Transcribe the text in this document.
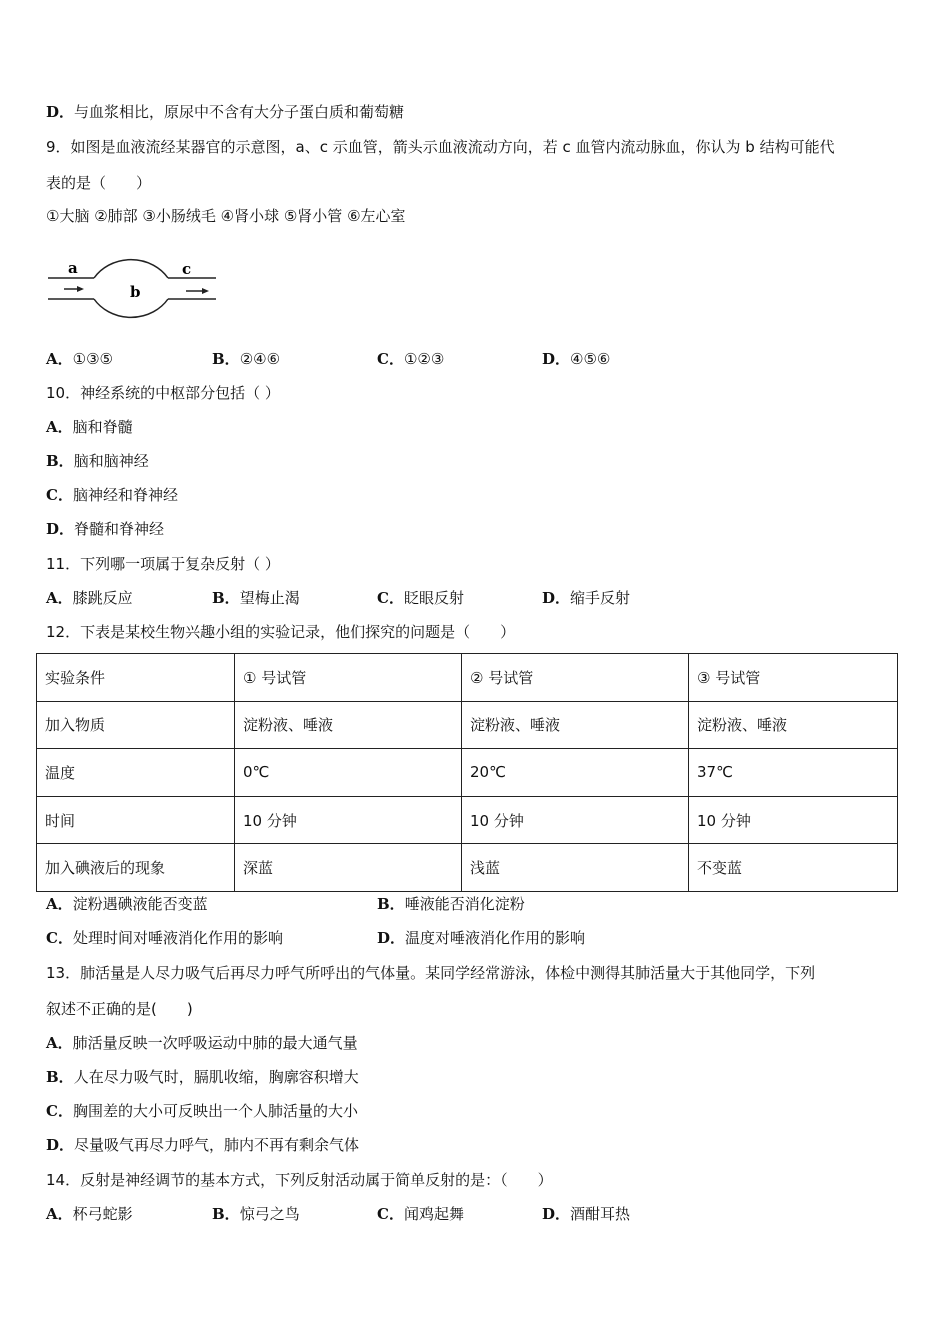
D．与血浆相比，原尿中不含有大分子蛋白质和葡萄糖
9．如图是血液流经某器官的示意图，a、c 示血管，箭头示血液流动方向，若 c 血管内流动脉血，你认为 b 结构可能代
表的是（　　）
①大脑 ②肺部 ③小肠绒毛 ④肾小球 ⑤肾小管 ⑥左心室
a
b
c
A．①③⑤	B．②④⑥	C．①②③	D．④⑤⑥
10．神经系统的中枢部分包括（ ）
A．脑和脊髓
B．脑和脑神经
C．脑神经和脊神经
D．脊髓和脊神经
11．下列哪一项属于复杂反射（ ）
A．膝跳反应	B．望梅止渴	C．眨眼反射	D．缩手反射
12．下表是某校生物兴趣小组的实验记录，他们探究的问题是（　　）
实验条件	① 号试管	② 号试管	③ 号试管
加入物质	淀粉液、唾液	淀粉液、唾液	淀粉液、唾液
温度	0℃	20℃	37℃
时间	10 分钟	10 分钟	10 分钟
加入碘液后的现象	深蓝	浅蓝	不变蓝
A．淀粉遇碘液能否变蓝	B．唾液能否消化淀粉
C．处理时间对唾液消化作用的影响	D．温度对唾液消化作用的影响
13．肺活量是人尽力吸气后再尽力呼气所呼出的气体量。某同学经常游泳，体检中测得其肺活量大于其他同学，下列
叙述不正确的是(　　)
A．肺活量反映一次呼吸运动中肺的最大通气量
B．人在尽力吸气时，膈肌收缩，胸廓容积增大
C．胸围差的大小可反映出一个人肺活量的大小
D．尽量吸气再尽力呼气，肺内不再有剩余气体
14．反射是神经调节的基本方式，下列反射活动属于简单反射的是：（　　）
A．杯弓蛇影	B．惊弓之鸟	C．闻鸡起舞	D．酒酣耳热
